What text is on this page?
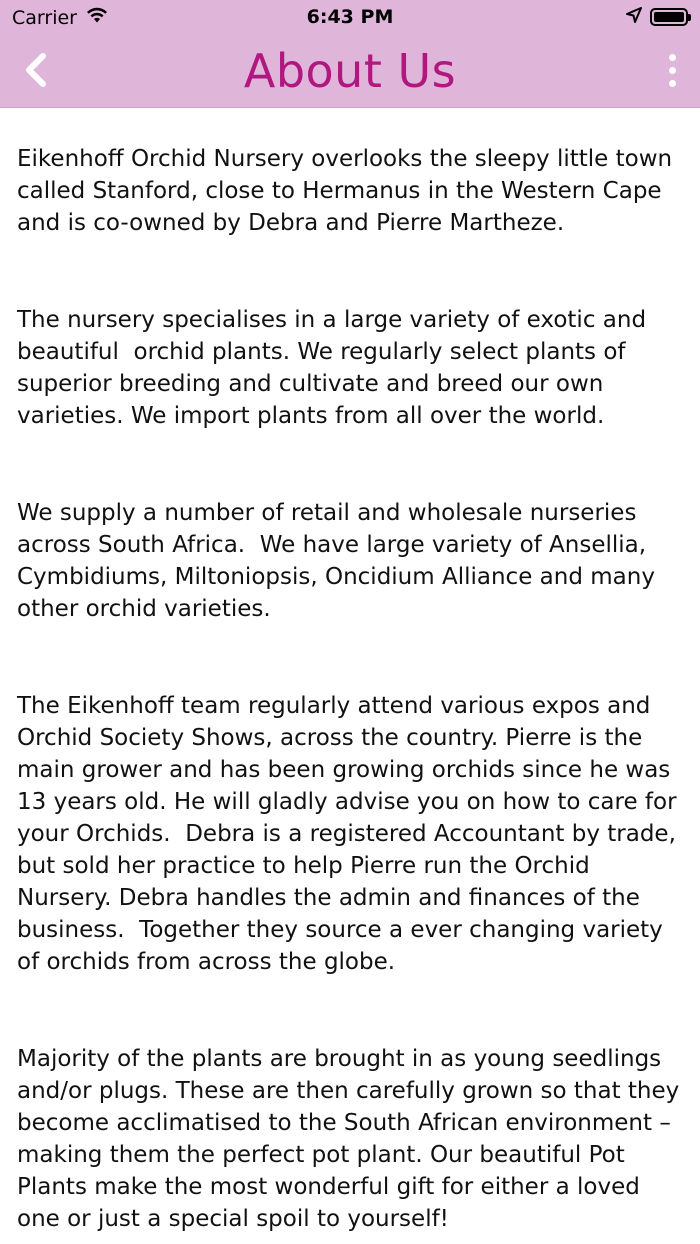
Carrier	6:43 PM
About Us

Eikenhoff Orchid Nursery overlooks the sleepy little town called Stanford, close to Hermanus in the Western Cape and is co-owned by Debra and Pierre Martheze.

The nursery specialises in a large variety of exotic and beautiful  orchid plants. We regularly select plants of superior breeding and cultivate and breed our own varieties. We import plants from all over the world.

We supply a number of retail and wholesale nurseries across South Africa.  We have large variety of Ansellia, Cymbidiums, Miltoniopsis, Oncidium Alliance and many other orchid varieties.

The Eikenhoff team regularly attend various expos and Orchid Society Shows, across the country. Pierre is the main grower and has been growing orchids since he was 13 years old. He will gladly advise you on how to care for your Orchids.  Debra is a registered Accountant by trade, but sold her practice to help Pierre run the Orchid Nursery. Debra handles the admin and finances of the business.  Together they source a ever changing variety of orchids from across the globe.

Majority of the plants are brought in as young seedlings and/or plugs. These are then carefully grown so that they become acclimatised to the South African environment – making them the perfect pot plant. Our beautiful Pot Plants make the most wonderful gift for either a loved one or just a special spoil to yourself!
